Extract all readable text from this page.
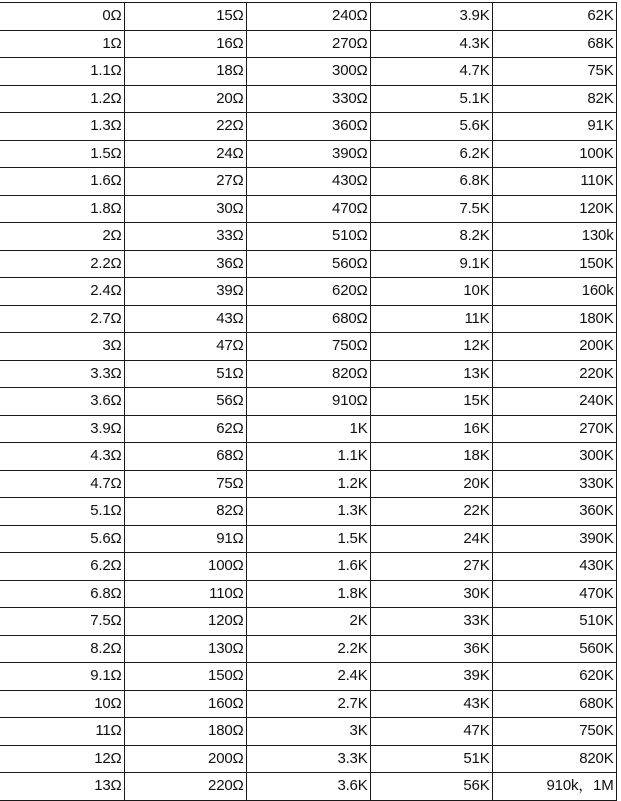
0Ω	15Ω	240Ω	3.9K	62K
1Ω	16Ω	270Ω	4.3K	68K
1.1Ω	18Ω	300Ω	4.7K	75K
1.2Ω	20Ω	330Ω	5.1K	82K
1.3Ω	22Ω	360Ω	5.6K	91K
1.5Ω	24Ω	390Ω	6.2K	100K
1.6Ω	27Ω	430Ω	6.8K	110K
1.8Ω	30Ω	470Ω	7.5K	120K
2Ω	33Ω	510Ω	8.2K	130k
2.2Ω	36Ω	560Ω	9.1K	150K
2.4Ω	39Ω	620Ω	10K	160k
2.7Ω	43Ω	680Ω	11K	180K
3Ω	47Ω	750Ω	12K	200K
3.3Ω	51Ω	820Ω	13K	220K
3.6Ω	56Ω	910Ω	15K	240K
3.9Ω	62Ω	1K	16K	270K
4.3Ω	68Ω	1.1K	18K	300K
4.7Ω	75Ω	1.2K	20K	330K
5.1Ω	82Ω	1.3K	22K	360K
5.6Ω	91Ω	1.5K	24K	390K
6.2Ω	100Ω	1.6K	27K	430K
6.8Ω	110Ω	1.8K	30K	470K
7.5Ω	120Ω	2K	33K	510K
8.2Ω	130Ω	2.2K	36K	560K
9.1Ω	150Ω	2.4K	39K	620K
10Ω	160Ω	2.7K	43K	680K
11Ω	180Ω	3K	47K	750K
12Ω	200Ω	3.3K	51K	820K
13Ω	220Ω	3.6K	56K	910k，1M
